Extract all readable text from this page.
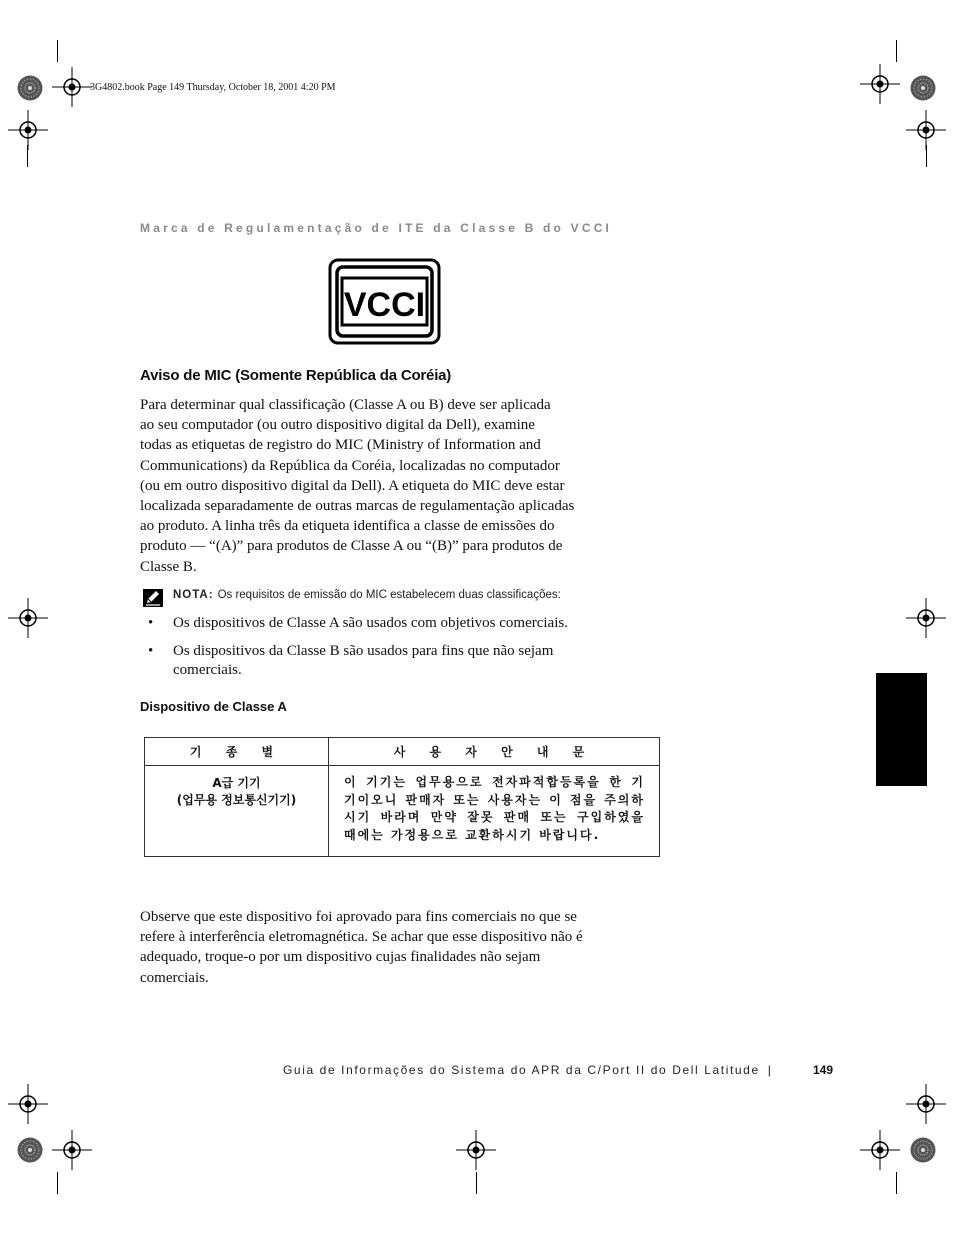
3G4802.book Page 149 Thursday, October 18, 2001 4:20 PM
Marca de Regulamentação de ITE da Classe B do VCCI
VCCI
Aviso de MIC (Somente República da Coréia)
Para determinar qual classificação (Classe A ou B) deve ser aplicada
ao seu computador (ou outro dispositivo digital da Dell), examine
todas as etiquetas de registro do MIC (Ministry of Information and
Communications) da República da Coréia, localizadas no computador
(ou em outro dispositivo digital da Dell). A etiqueta do MIC deve estar
localizada separadamente de outras marcas de regulamentação aplicadas
ao produto. A linha três da etiqueta identifica a classe de emissões do
produto — “(A)” para produtos de Classe A ou “(B)” para produtos de
Classe B.
NOTA: Os requisitos de emissão do MIC estabelecem duas classificações:
• Os dispositivos de Classe A são usados com objetivos comerciais.
• Os dispositivos da Classe B são usados para fins que não sejam
comerciais.
Dispositivo de Classe A
기 종 별	사 용 자 안 내 문

A급 기기
(업무용 정보통신기기)	이 기기는 업무용으로 전자파적합등록을 한 기기이오니 판매자 또는 사용자는 이 점을 주의하시기 바라며 만약 잘못 판매 또는 구입하였을 때에는 가정용으로 교환하시기 바랍니다.
Observe que este dispositivo foi aprovado para fins comerciais no que se
refere à interferência eletromagnética. Se achar que esse dispositivo não é
adequado, troque-o por um dispositivo cujas finalidades não sejam
comerciais.
Guia de Informações do Sistema do APR da C/Port II do Dell Latitude |	149
